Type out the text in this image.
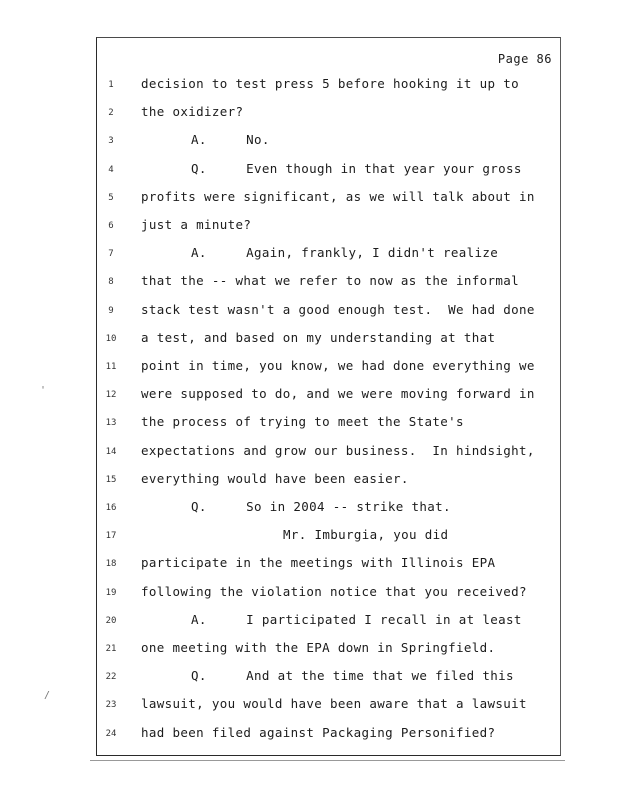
Page 86
1	decision to test press 5 before hooking it up to
2	the oxidizer?
3	A.     No.
4	Q.     Even though in that year your gross
5	profits were significant, as we will talk about in
6	just a minute?
7	A.     Again, frankly, I didn't realize
8	that the -- what we refer to now as the informal
9	stack test wasn't a good enough test.  We had done
10 a test, and based on my understanding at that
11 point in time, you know, we had done everything we
12 were supposed to do, and we were moving forward in
13 the process of trying to meet the State's
14 expectations and grow our business.  In hindsight,
15 everything would have been easier.
16	Q.     So in 2004 -- strike that.
17	Mr. Imburgia, you did
18 participate in the meetings with Illinois EPA
19 following the violation notice that you received?
20	A.     I participated I recall in at least
21 one meeting with the EPA down in Springfield.
22	Q.     And at the time that we filed this
23 lawsuit, you would have been aware that a lawsuit
24 had been filed against Packaging Personified?
'
/
